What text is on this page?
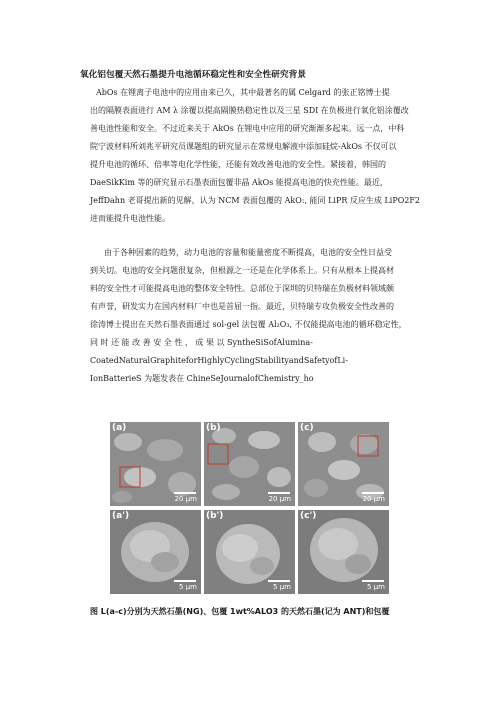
氧化铝包覆天然石墨提升电池循环稳定性和安全性研究背景
AbOs 在锂离子电池中的应用由来已久，其中最著名的属 Celgard 的张正铭博士提
出的隔膜表面进行 AM λ 涂覆以提高隔膜热稳定性以及三星 SDI 在负极进行氧化铝涂覆改
善电池性能和安全。不过近来关于 AkOs 在锂电中应用的研究渐渐多起来。远一点，中科
院宁波材料所刘兆平研究员课题组的研究显示在常规电解液中添加硅烷-AkOs 不仅可以
提升电池的循环、倍率等电化学性能，还能有效改善电池的安全性。紧接着，韩国的
DaeSikKim 等的研究显示石墨表面包覆非晶 AkOs 能提高电池的快充性能。最近，
JeffDahn 老哥提出新的见解，认为 NCM 表面包覆的 AkO:, 能同 LiPR 反应生成 LiPO2F2
进而能提升电池性能。
由于各种因素的趋势，动力电池的容量和能量密度不断提高，电池的安全性日益受
到关切。电池的安全问题很复杂，但根源之一还是在化学体系上。只有从根本上提高材
料的安全性才可能提高电池的整体安全特性。总部位于深圳的贝特瑞在负极材料领域颇
有声誉，研发实力在国内材料厂中也是首屈一指。最近，贝特瑞专攻负极安全性改善的
徐涛博士提出在天然石墨表面通过 sol-gel 法包覆 Al₂O₃, 不仅能提高电池的循环稳定性，
同 时 还 能 改 善 安 全 性 ， 成 果 以 SyntheSiSofAlumina-
CoatedNaturalGraphiteforHighlyCyclingStabilityandSafetyofLi-
IonBatterieS 为题发表在 ChineSeJournalofChemistry_ho
(a)
20 μm
(b)
20 μm
(c)
20 μm
(a')
5 μm
(b')
5 μm
(c')
5 μm
图 L(a-c)分别为天然石墨(NG)、包覆 1wt%ALO3 的天然石墨(记为 ANT)和包覆
